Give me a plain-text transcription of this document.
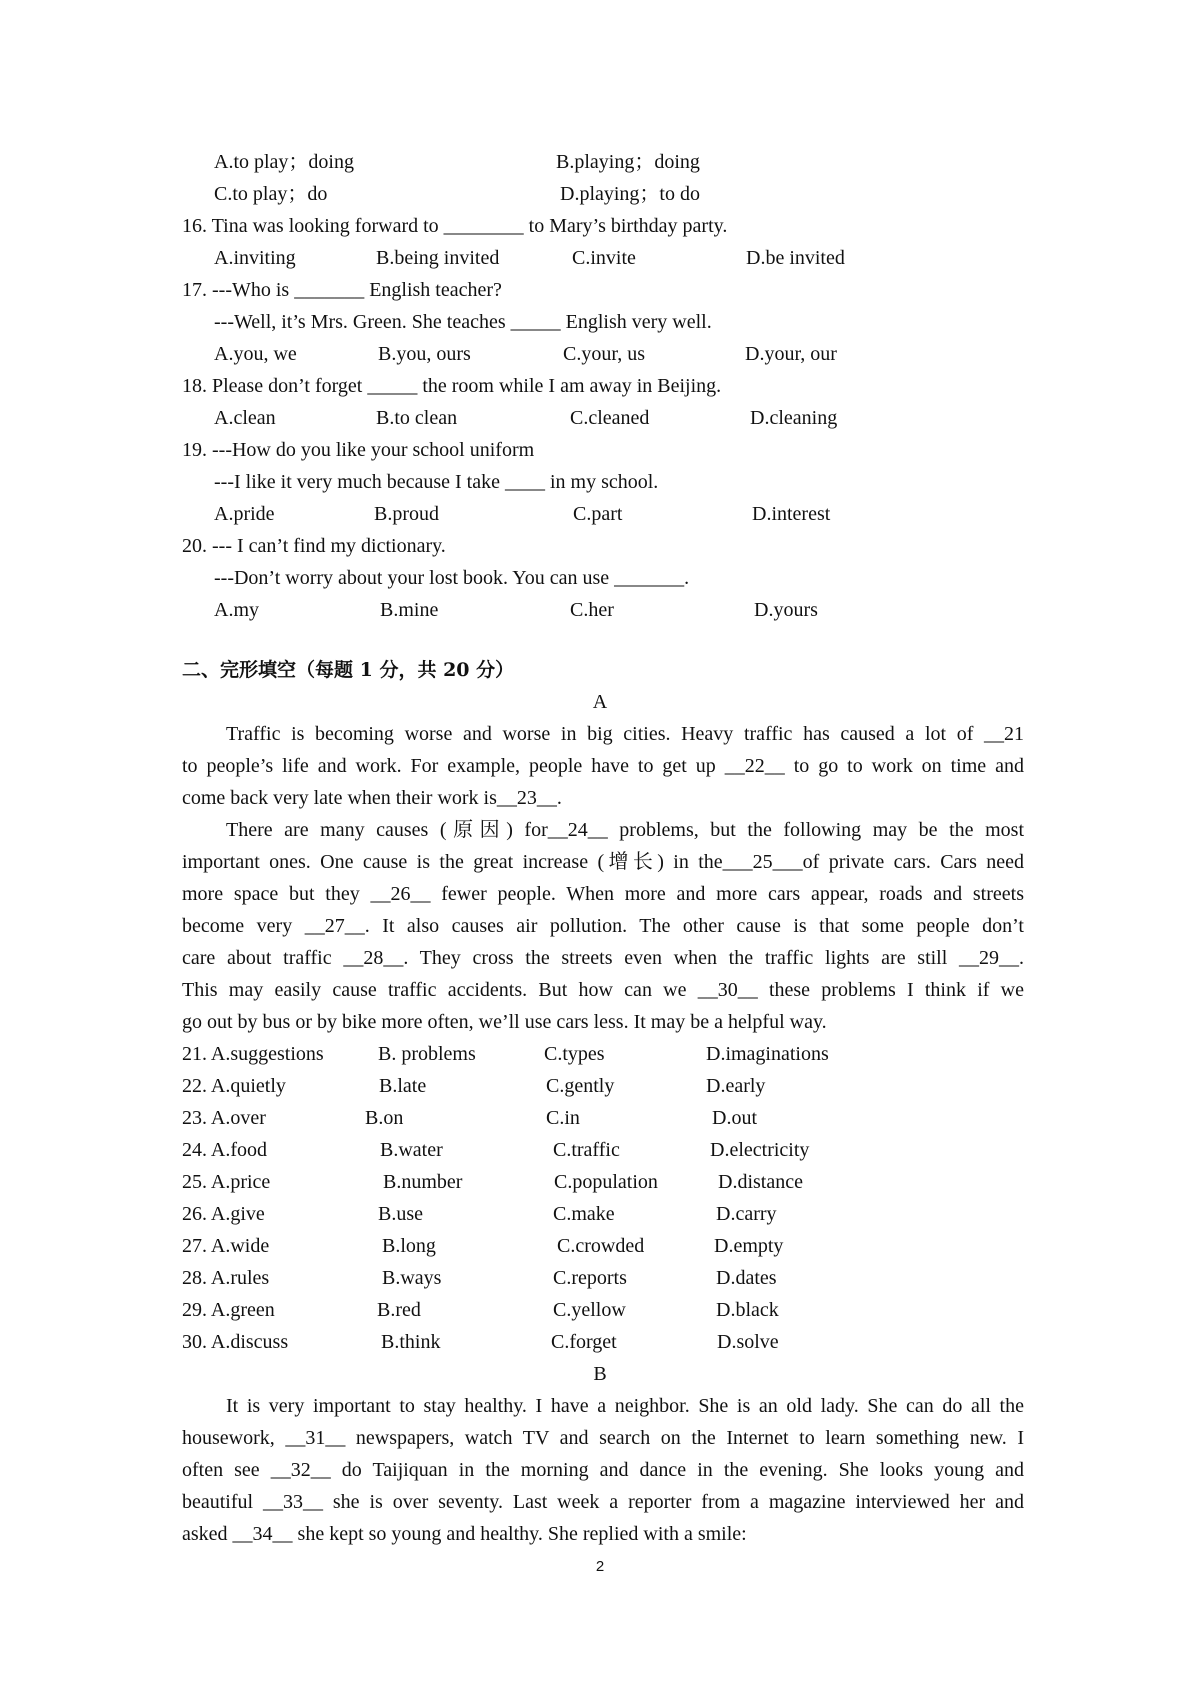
A.to play；doing	B.playing；doing
C.to play；do	D.playing；to do
16. Tina was looking forward to ________ to Mary’s birthday party.
A.inviting	B.being invited	C.invite	D.be invited
17. ---Who is _______ English teacher?
---Well, it’s Mrs. Green. She teaches _____ English very well.
A.you, we	B.you, ours	C.your, us	D.your, our
18. Please don’t forget _____ the room while I am away in Beijing.
A.clean	B.to clean	C.cleaned	D.cleaning
19. ---How do you like your school uniform
---I like it very much because I take ____ in my school.
A.pride	B.proud	C.part	D.interest
20. --- I can’t find my dictionary.
---Don’t worry about your lost book. You can use _______.
A.my	B.mine	C.her	D.yours
二、完形填空（每题 1 分，共 20 分）
A
Traffic is becoming worse and worse in big cities. Heavy traffic has caused a lot of __21
to people’s life and work. For example, people have to get up __22__ to go to work on time and
come back very late when their work is__23__.
There are many causes (原因) for__24__ problems, but the following may be the most
important ones. One cause is the great increase (增长) in the___25___of private cars. Cars need
more space but they __26__ fewer people. When more and more cars appear, roads and streets
become very __27__. It also causes air pollution. The other cause is that some people don’t
care about traffic __28__. They cross the streets even when the traffic lights are still __29__.
This may easily cause traffic accidents. But how can we __30__ these problems I think if we
go out by bus or by bike more often, we’ll use cars less. It may be a helpful way.
21. A.suggestions	B. problems	C.types	D.imaginations
22. A.quietly	B.late	C.gently	D.early
23. A.over	B.on	C.in	D.out
24. A.food	B.water	C.traffic	D.electricity
25. A.price	B.number	C.population	D.distance
26. A.give	B.use	C.make	D.carry
27. A.wide	B.long	C.crowded	D.empty
28. A.rules	B.ways	C.reports	D.dates
29. A.green	B.red	C.yellow	D.black
30. A.discuss	B.think	C.forget	D.solve
B
It is very important to stay healthy. I have a neighbor. She is an old lady. She can do all the
housework, __31__ newspapers, watch TV and search on the Internet to learn something new. I
often see __32__ do Taijiquan in the morning and dance in the evening. She looks young and
beautiful __33__ she is over seventy. Last week a reporter from a magazine interviewed her and
asked __34__ she kept so young and healthy. She replied with a smile:
2
